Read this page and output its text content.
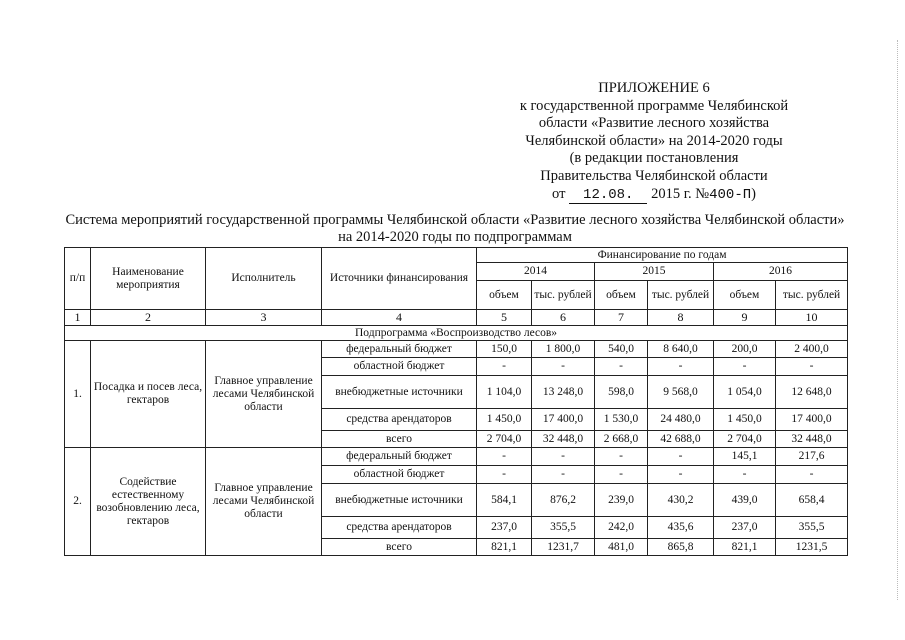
ПРИЛОЖЕНИЕ 6
к государственной программе Челябинской
области «Развитие лесного хозяйства
Челябинской области» на 2014-2020 годы
(в редакции постановления
Правительства Челябинской области
от 12.08. 2015 г. №400-П)
Система мероприятий государственной программы Челябинской области «Развитие лесного хозяйства Челябинской области» на 2014-2020 годы по подпрограммам
п/п	Наименование мероприятия	Исполнитель	Источники финансирования	Финансирование по годам					
				2014		2015		2016	
				объем	тыс. рублей	объем	тыс. рублей	объем	тыс. рублей
1	2	3	4	5	6	7	8	9	10
Подпрограмма «Воспроизводство лесов»									
1.	Посадка и посев леса, гектаров	Главное управление лесами Челябинской области	федеральный бюджет	150,0	1 800,0	540,0	8 640,0	200,0	2 400,0
			областной бюджет	-	-	-	-	-	-
			внебюджетные источники	1 104,0	13 248,0	598,0	9 568,0	1 054,0	12 648,0
			средства арендаторов	1 450,0	17 400,0	1 530,0	24 480,0	1 450,0	17 400,0
			всего	2 704,0	32 448,0	2 668,0	42 688,0	2 704,0	32 448,0
2.	Содействие естественному возобновлению леса, гектаров	Главное управление лесами Челябинской области	федеральный бюджет	-	-	-	-	145,1	217,6
			областной бюджет	-	-	-	-	-	-
			внебюджетные источники	584,1	876,2	239,0	430,2	439,0	658,4
			средства арендаторов	237,0	355,5	242,0	435,6	237,0	355,5
			всего	821,1	1231,7	481,0	865,8	821,1	1231,5
